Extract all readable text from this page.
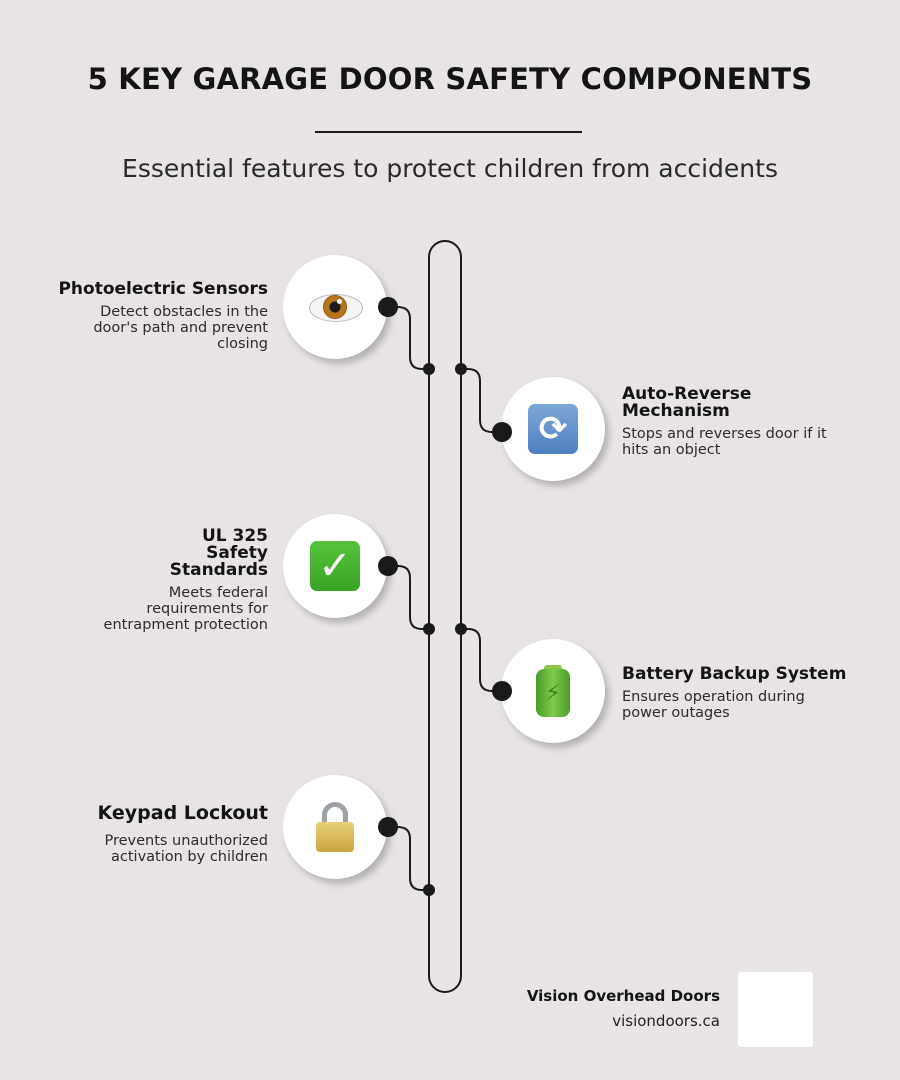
5 KEY GARAGE DOOR SAFETY COMPONENTS

Essential features to protect children from accidents

⟳
✓
⚡
Photoelectric Sensors

Detect obstacles in the door's path and prevent closing

Auto-Reverse Mechanism

Stops and reverses door if it hits an object

UL 325 Safety Standards

Meets federal requirements for entrapment protection

Battery Backup System

Ensures operation during power outages

Keypad Lockout

Prevents unauthorized activation by children

Vision Overhead Doors
visiondoors.ca
